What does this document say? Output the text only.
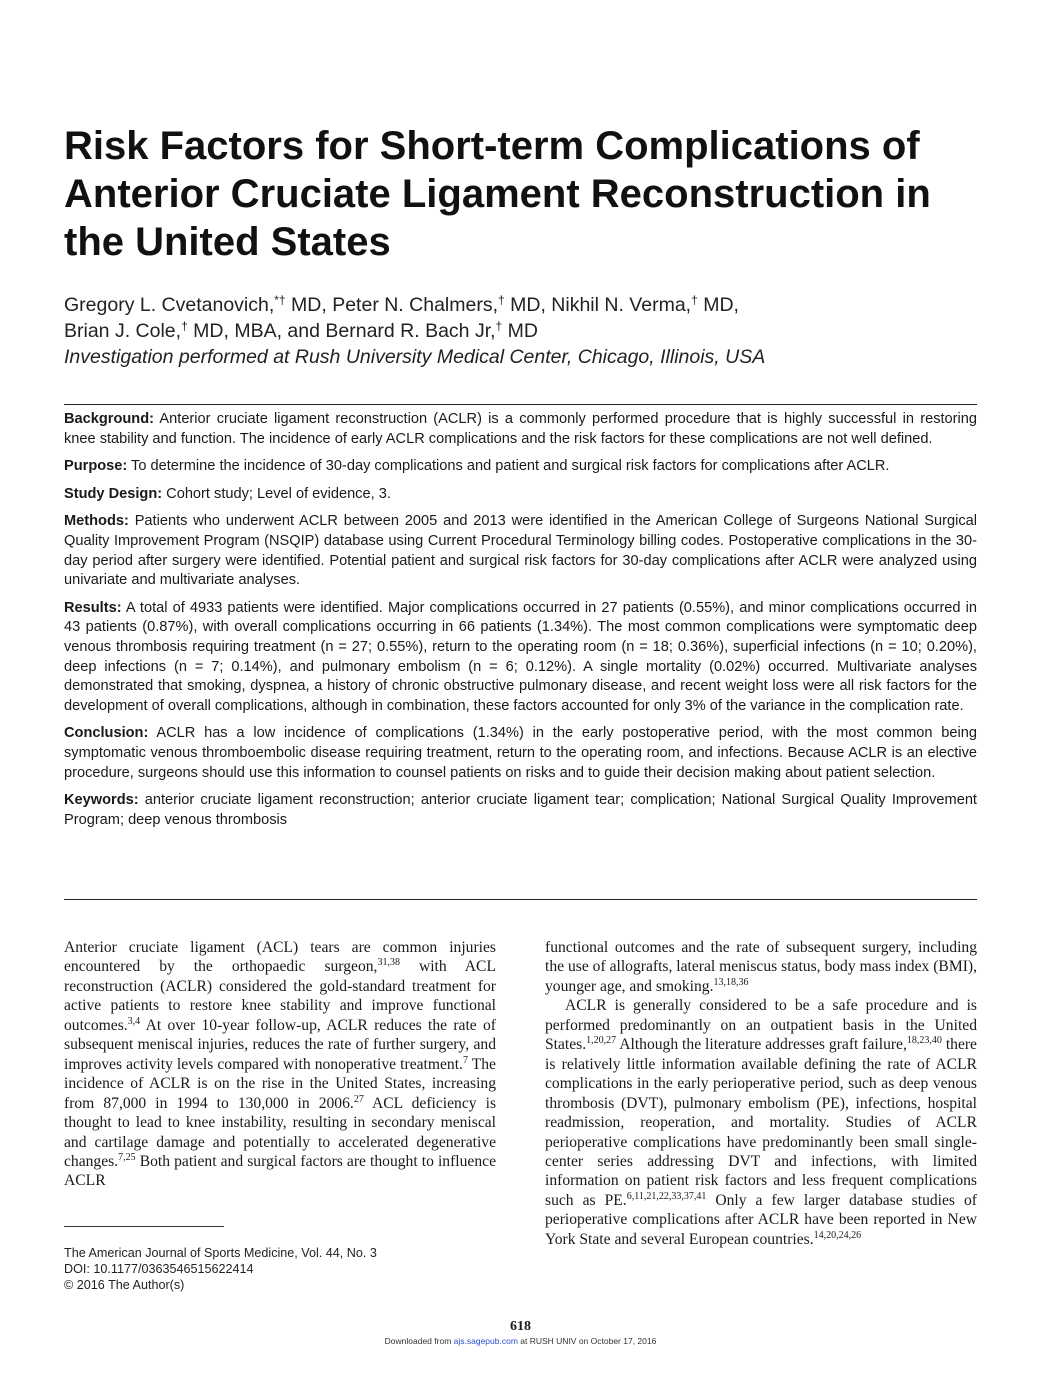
Risk Factors for Short-term Complications of Anterior Cruciate Ligament Reconstruction in the United States
Gregory L. Cvetanovich,*† MD, Peter N. Chalmers,† MD, Nikhil N. Verma,† MD,
Brian J. Cole,† MD, MBA, and Bernard R. Bach Jr,† MD
Investigation performed at Rush University Medical Center, Chicago, Illinois, USA

Background: Anterior cruciate ligament reconstruction (ACLR) is a commonly performed procedure that is highly successful in restoring knee stability and function. The incidence of early ACLR complications and the risk factors for these complications are not well defined.

Purpose: To determine the incidence of 30-day complications and patient and surgical risk factors for complications after ACLR.

Study Design: Cohort study; Level of evidence, 3.

Methods: Patients who underwent ACLR between 2005 and 2013 were identified in the American College of Surgeons National Surgical Quality Improvement Program (NSQIP) database using Current Procedural Terminology billing codes. Postoperative complications in the 30-day period after surgery were identified. Potential patient and surgical risk factors for 30-day complications after ACLR were analyzed using univariate and multivariate analyses.

Results: A total of 4933 patients were identified. Major complications occurred in 27 patients (0.55%), and minor complications occurred in 43 patients (0.87%), with overall complications occurring in 66 patients (1.34%). The most common complications were symptomatic deep venous thrombosis requiring treatment (n = 27; 0.55%), return to the operating room (n = 18; 0.36%), superficial infections (n = 10; 0.20%), deep infections (n = 7; 0.14%), and pulmonary embolism (n = 6; 0.12%). A single mortality (0.02%) occurred. Multivariate analyses demonstrated that smoking, dyspnea, a history of chronic obstructive pulmonary disease, and recent weight loss were all risk factors for the development of overall complications, although in combination, these factors accounted for only 3% of the variance in the complication rate.

Conclusion: ACLR has a low incidence of complications (1.34%) in the early postoperative period, with the most common being symptomatic venous thromboembolic disease requiring treatment, return to the operating room, and infections. Because ACLR is an elective procedure, surgeons should use this information to counsel patients on risks and to guide their decision making about patient selection.

Keywords: anterior cruciate ligament reconstruction; anterior cruciate ligament tear; complication; National Surgical Quality Improvement Program; deep venous thrombosis

Anterior cruciate ligament (ACL) tears are common injuries encountered by the orthopaedic surgeon,$^{31,38}$ with ACL reconstruction (ACLR) considered the gold-standard treatment for active patients to restore knee stability and improve functional outcomes.$^{3,4}$ At over 10-year follow-up, ACLR reduces the rate of subsequent meniscal injuries, reduces the rate of further surgery, and improves activity levels compared with nonoperative treatment.$^7$ The incidence of ACLR is on the rise in the United States, increasing from 87,000 in 1994 to 130,000 in 2006.27 ACL deficiency is thought to lead to knee instability, resulting in secondary meniscal and cartilage damage and potentially to accelerated degenerative changes.$^{7,25}$ Both patient and surgical factors are thought to influence ACLR

functional outcomes and the rate of subsequent surgery, including the use of allografts, lateral meniscus status, body mass index (BMI), younger age, and smoking.$^{13,18,36}$

ACLR is generally considered to be a safe procedure and is performed predominantly on an outpatient basis in the United States.$^{1,20,27}$ Although the literature addresses graft failure,$^{18,23,40}$ there is relatively little information available defining the rate of ACLR complications in the early perioperative period, such as deep venous thrombosis (DVT), pulmonary embolism (PE), infections, hospital readmission, reoperation, and mortality. Studies of ACLR perioperative complications have predominantly been small single-center series addressing DVT and infections, with limited information on patient risk factors and less frequent complications such as PE.$^{6,11,21,22,33,37,41}$ Only a few larger database studies of perioperative complications after ACLR have been reported in New York State and several European countries.$^{14,20,24,26}$

The American Journal of Sports Medicine, Vol. 44, No. 3
DOI: 10.1177/0363546515622414
© 2016 The Author(s)
618
Downloaded from ajs.sagepub.com at RUSH UNIV on October 17, 2016
